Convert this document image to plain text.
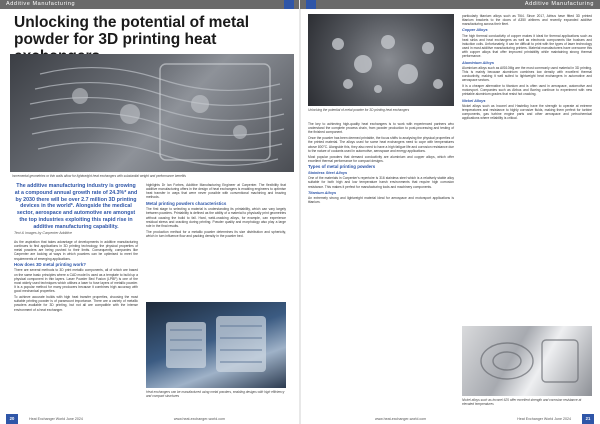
Additive Manufacturing
Unlocking the potential of metal powder for 3D printing heat
Incremental geometries or thin walls allow for lightweight heat exchangers with substantial weight and performance benefits
The additive manufacturing industry is growing at a compound annual growth rate of 24.3%* and by 2030 there will be over 2.7 million 3D printing devices in the world*. Alongside the medical sector, aerospace and automotive are amongst the top industries exploiting this rapid rise in additive manufacturing capability.
Text & images by Carpenter Additive

As the aspiration that takes advantage of developments in additive manufacturing continues to find applications in 3D printing technology, the physical properties of metal powders are being pushed to their limits. Consequently, companies like Carpenter are looking at ways in which powders can be optimised to meet the requirements of emerging applications.

How does 3D metal printing work?

There are several methods to 3D print metallic components, all of which are based on the same basic principles where a CAD model is used as a template to build up a physical component in thin layers. Laser Powder Bed Fusion (LPBF) is one of the most widely used techniques which utilises a laser to fuse layers of metallic powder. It is a popular method for many producers because it combines high accuracy with good mechanical properties.

To achieve accurate builds with high heat transfer properties, choosing the most suitable printing powder is of paramount importance. There are a variety of metallic powders available for 3D printing, but not all are compatible with the intense environment of a heat exchanger.

highlights Dr Ian Forbes, Additive Manufacturing Engineer at Carpenter. The flexibility that additive manufacturing offers in the design of heat exchangers is enabling engineers to optimise heat transfer in ways that were never possible with conventional machining and brazing methods.

Metal printing powders characteristics

The first stage to selecting a material is understanding its printability, which can vary largely between powders. Printability is defined as the ability of a material to physically print geometries without causing the build to fail. Hard, weld-cracking alloys, for example, can experience residual stress and cracking during printing. Powder quality and morphology also play a large role in the final results.

The production method for a metallic powder determines its size distribution and sphericity, which in turn influence flow and packing density in the powder bed.

Heat exchangers can be manufactured using metal powders, enabling designs with high efficiency and compact structures
20	Heat Exchanger World June 2024	www.heat-exchanger-world.com
Additive Manufacturing
Unlocking the potential of metal powder for 3D printing heat exchangers

The key to achieving high-quality heat exchangers is to work with experienced partners who understand the complete process chain, from powder production to post-processing and testing of the finished component.

Once the powder has been deemed printable, the focus shifts to analysing the physical properties of the printed material. The alloys used for some heat exchangers need to cope with temperatures above 800°C. Alongside this, they also need to have a high fatigue life and corrosion resistance due to the nature of coolants used in automotive, aerospace and energy applications.

Most popular powders that demand conductivity are aluminium and copper alloys, which offer excellent thermal performance for compact designs.

Types of metal printing powders
Stainless Steel Alloys

One of the materials in Carpenter's repertoire is 316 stainless steel which is a relatively stable alloy suitable for both high and low temperature harsh environments that require high corrosion resistance. This makes it perfect for manufacturing tools and machinery components.

Titanium Alloys

An extremely strong and lightweight material ideal for aerospace and motorsport applications is titanium.

particularly titanium alloys such as Ti64. Since 2017, Airbus have fitted 3D printed titanium brackets to the doors of A350 airliners and recently expanded additive manufacturing across their fleet.

Copper Alloys

The high thermal conductivity of copper makes it ideal for thermal applications such as heat sinks and heat exchangers as well as electronic components like busbars and induction coils. Unfortunately, it can be difficult to print with the types of laser technology used in most additive manufacturing printers. Material manufacturers have overcome this with copper alloys that offer improved printability while maintaining strong thermal performance.

Aluminium Alloys

Aluminium alloys such as AlSi10Mg are the most commonly used material in 3D printing. This is mainly because aluminium combines low density with excellent thermal conductivity, making it well suited to lightweight heat exchangers in automotive and aerospace sectors.

It is a cheaper alternative to titanium and is often used in aerospace, automotive and motorsport. Companies such as Airbus and Boeing continue to experiment with new printable aluminium grades that resist hot cracking.

Nickel Alloys

Nickel alloys such as Inconel and Hastelloy have the strength to operate at extreme temperatures and resistance to highly corrosive fluids, making them perfect for turbine components, gas turbine engine parts and other aerospace and petrochemical applications where reliability is critical.

Nickel alloys such as Inconel 625 offer excellent strength and corrosion resistance at elevated temperatures
www.heat-exchanger-world.com	Heat Exchanger World June 2024	21
